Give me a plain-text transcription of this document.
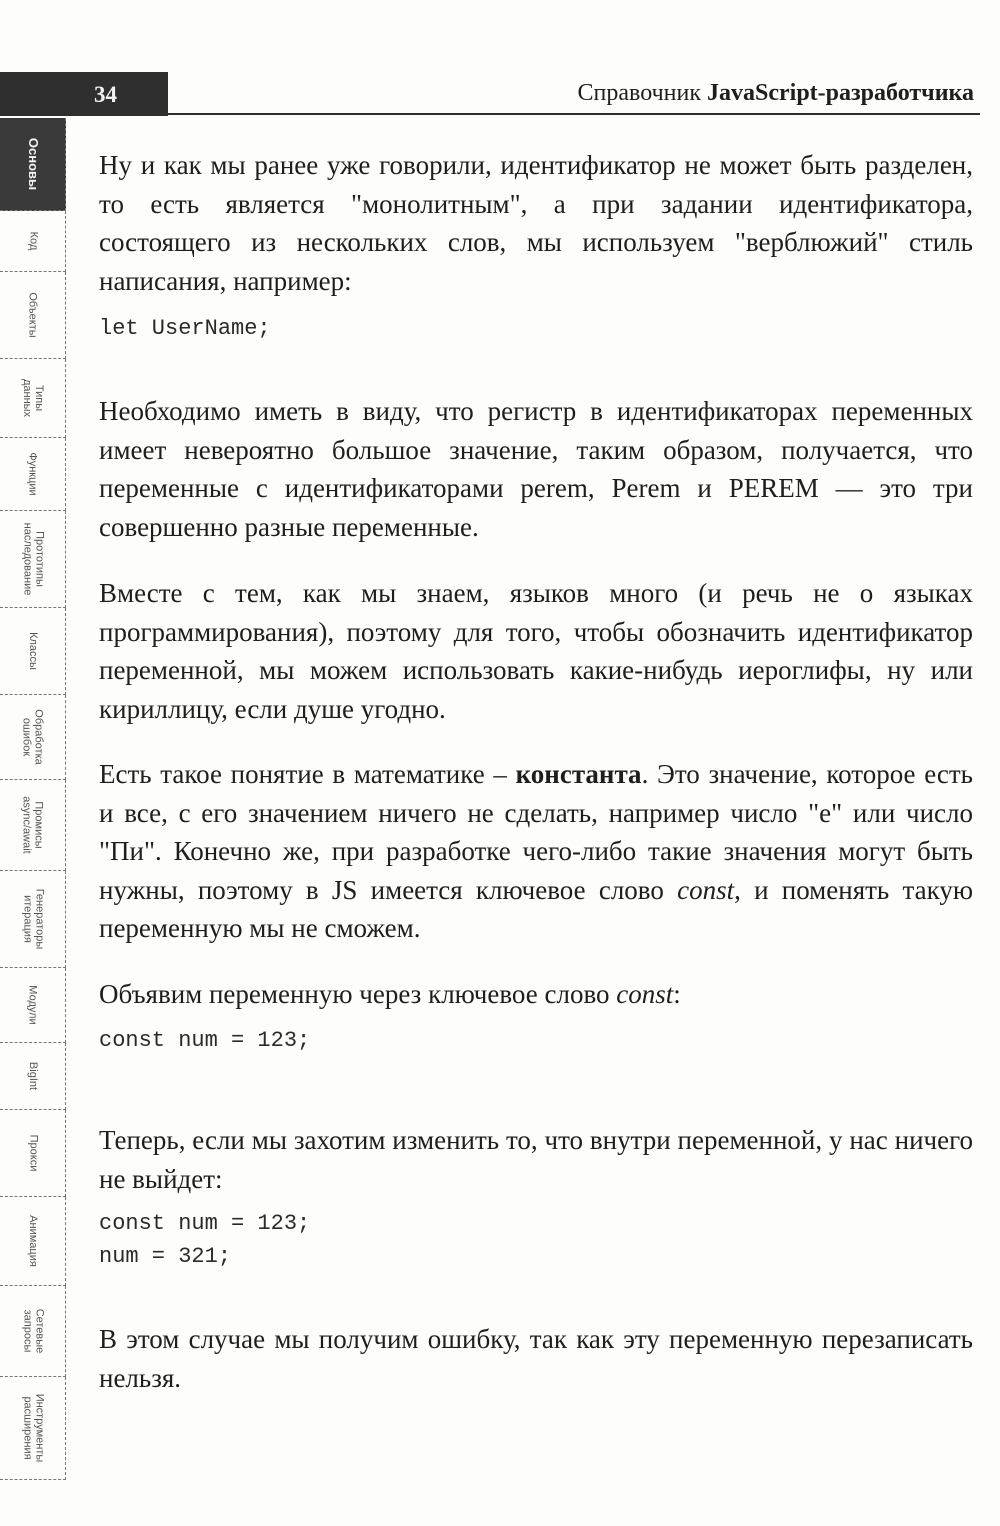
34	Справочник JavaScript-разработчика
Основы
Код
Объекты
Типы
данных
Функции
Прототипы
наследование
Классы
Обработка
ошибок
Промисы
async/await
Генераторы
итерация
Модули
BigInt
Прокси
Анимация
Сетевые
запросы
Инструменты
расширения

Ну и как мы ранее уже говорили, идентификатор не может быть разделен, то есть является "монолитным", а при задании идентификатора, состоящего из нескольких слов, мы используем "верблюжий" стиль написания, например:

let UserName;

Необходимо иметь в виду, что регистр в идентификаторах переменных имеет невероятно большое значение, таким образом, получается, что переменные с идентификаторами perem, Perem и PEREM — это три совершенно разные переменные.

Вместе с тем, как мы знаем, языков много (и речь не о языках программирования), поэтому для того, чтобы обозначить идентификатор переменной, мы можем использовать какие-нибудь иероглифы, ну или кириллицу, если душе угодно.

Есть такое понятие в математике – константа. Это значение, которое есть и все, с его значением ничего не сделать, например число "е" или число "Пи". Конечно же, при разработке чего-либо такие значения могут быть нужны, поэтому в JS имеется ключевое слово const, и поменять такую переменную мы не сможем.

Объявим переменную через ключевое слово const:

const num = 123;

Теперь, если мы захотим изменить то, что внутри переменной, у нас ничего не выйдет:

const num = 123;
num = 321;

В этом случае мы получим ошибку, так как эту переменную перезаписать нельзя.
